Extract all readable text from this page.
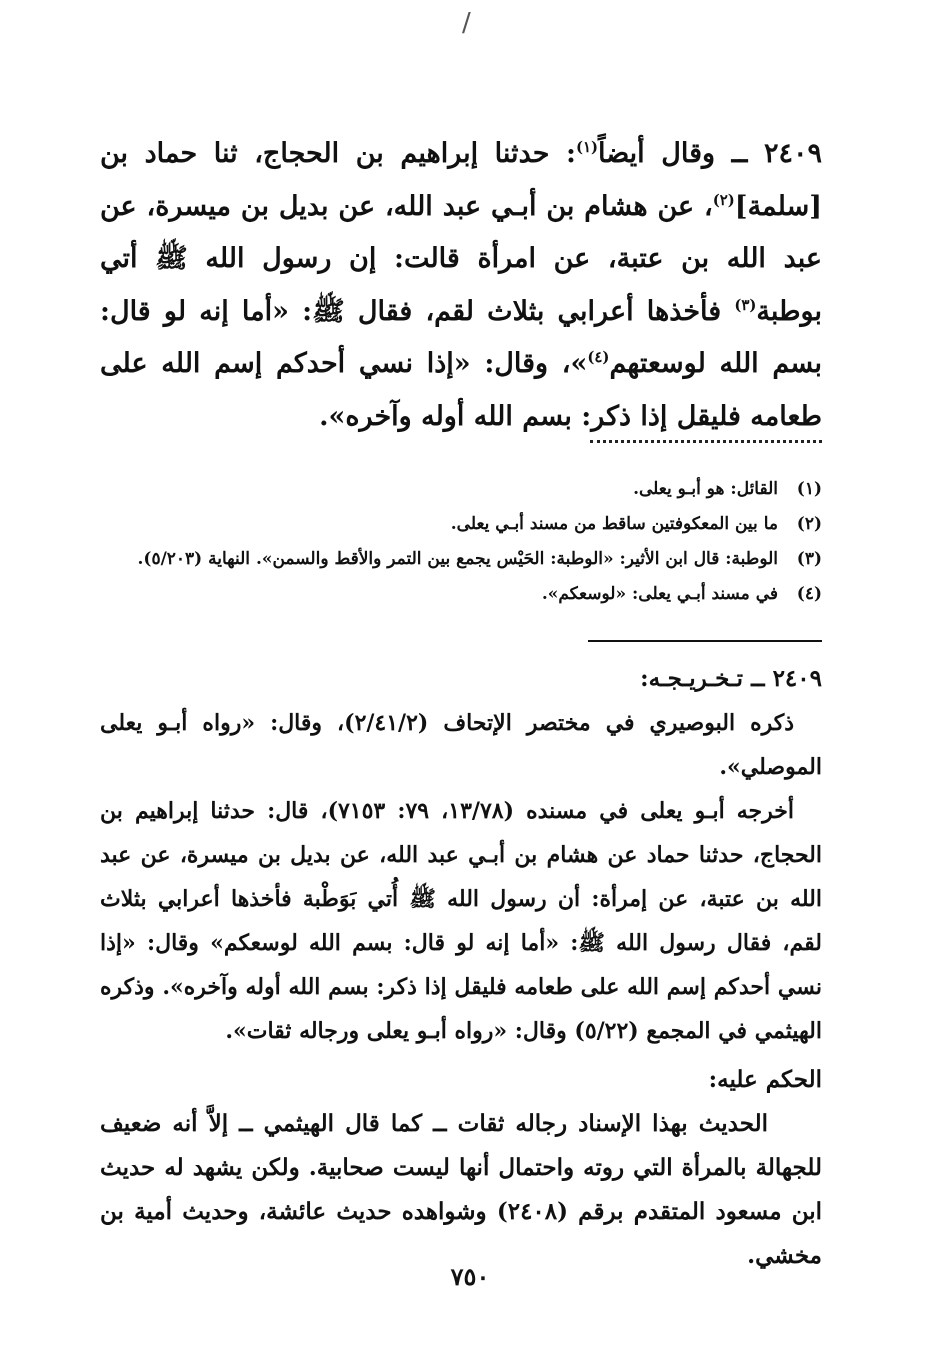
/

٢٤٠٩ ــ وقال أيضاً$^{(١)}$: حدثنا إبراهيم بن الحجاج، ثنا حماد بن [سلمة]$^{(٢)}$، عن هشام بن أبـي عبد الله، عن بديل بن ميسرة، عن عبد الله بن عتبة، عن امرأة قالت: إن رسول الله ﷺ أتي بوطبة$^{(٣)}$ فأخذها أعرابي بثلاث لقم، فقال ﷺ: «أما إنه لو قال: بسم الله لوسعتهم$^{(٤)}$»، وقال: «إذا نسي أحدكم إسم الله على طعامه فليقل إذا ذكر: بسم الله أوله وآخره».

(١)
القائل: هو أبـو يعلى.
(٢)
ما بين المعكوفتين ساقط من مسند أبـي يعلى.
(٣)
الوطبة: قال ابن الأثير: «الوطبة: الحَيْس يجمع بين التمر والأقط والسمن». النهاية (٥/٢٠٣).
(٤)
في مسند أبـي يعلى: «لوسعكم».

٢٤٠٩ ــ تـخـريـجـه:

ذكره البوصيري في مختصر الإتحاف (٢/٤١/٢)، وقال: «رواه أبـو يعلى الموصلي».

أخرجه أبـو يعلى في مسنده (١٣/٧٨، ٧٩: ٧١٥٣)، قال: حدثنا إبراهيم بن الحجاج، حدثنا حماد عن هشام بن أبـي عبد الله، عن بديل بن ميسرة، عن عبد الله بن عتبة، عن إمرأة: أن رسول الله ﷺ أُتي بَوَطْبة فأخذها أعرابي بثلاث لقم، فقال رسول الله ﷺ: «أما إنه لو قال: بسم الله لوسعكم» وقال: «إذا نسي أحدكم إسم الله على طعامه فليقل إذا ذكر: بسم الله أوله وآخره». وذكره الهيثمي في المجمع (٥/٢٢) وقال: «رواه أبـو يعلى ورجاله ثقات».

الحكم عليه:

الحديث بهذا الإسناد رجاله ثقات ــ كما قال الهيثمي ــ إلاَّ أنه ضعيف للجهالة بالمرأة التي روته واحتمال أنها ليست صحابية. ولكن يشهد له حديث ابن مسعود المتقدم برقم (٢٤٠٨) وشواهده حديث عائشة، وحديث أمية بن مخشي.

٧٥٠
